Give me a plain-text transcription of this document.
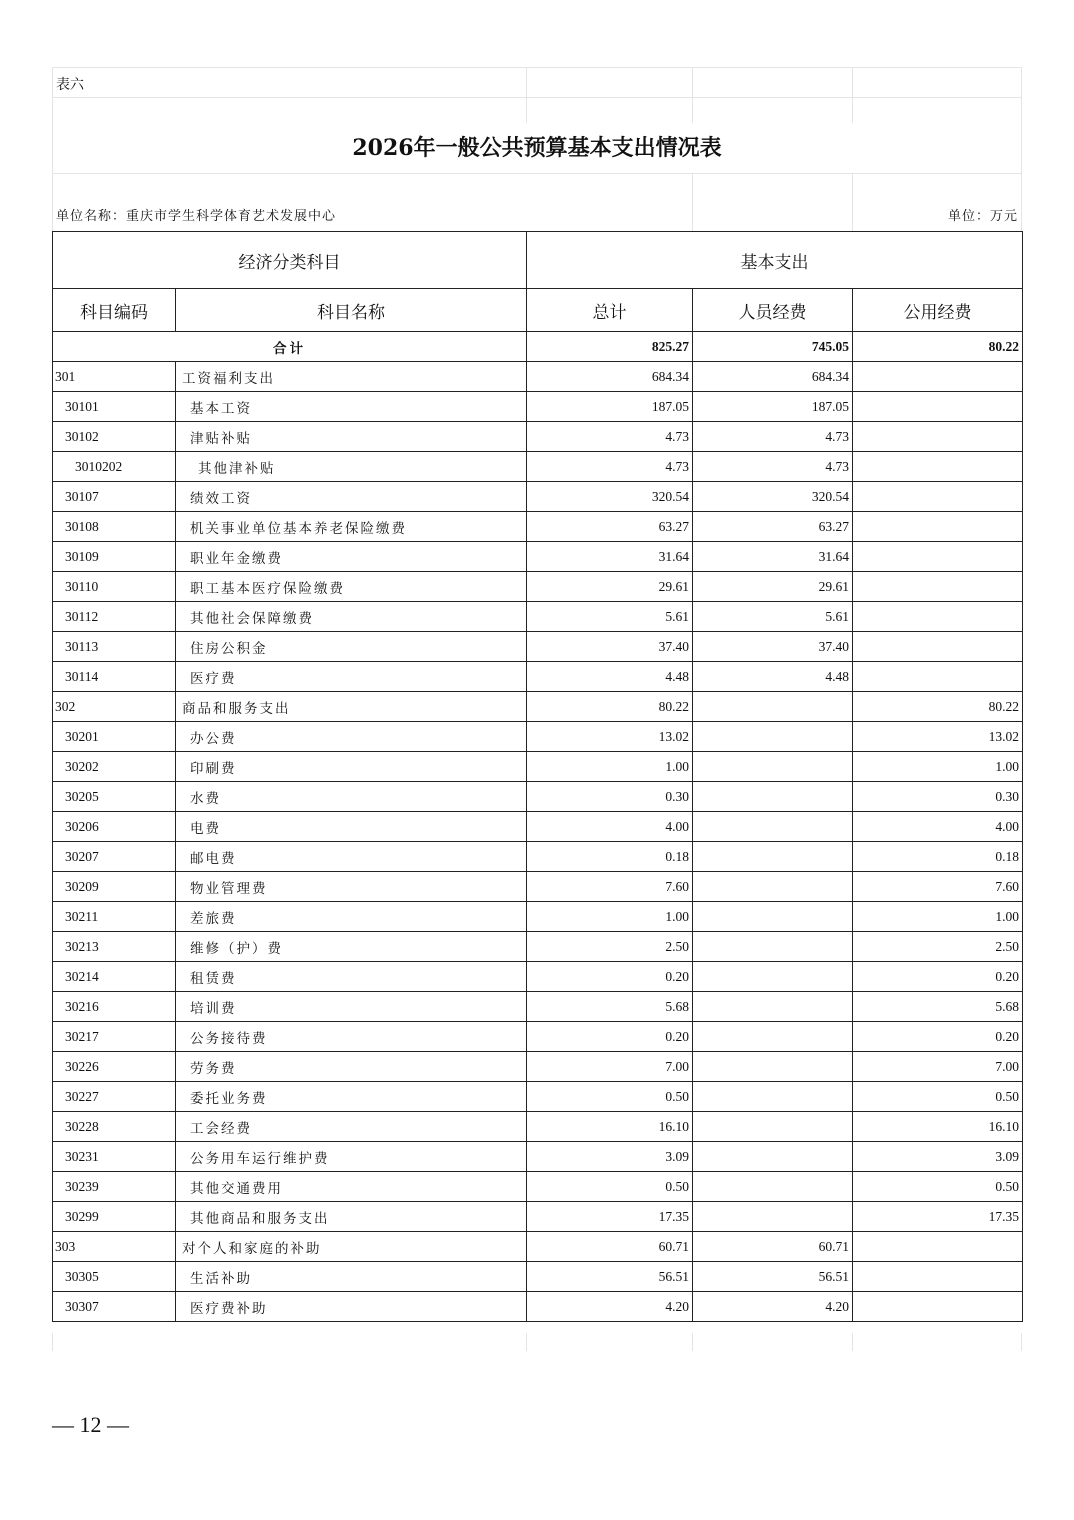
表六
2026年一般公共预算基本支出情况表
单位名称：重庆市学生科学体育艺术发展中心	单位：万元
经济分类科目		基本支出		
科目编码	科目名称	总计	人员经费	公用经费
合计		825.27	745.05	80.22
301	工资福利支出	684.34	684.34	
30101	基本工资	187.05	187.05	
30102	津贴补贴	4.73	4.73	
3010202	其他津补贴	4.73	4.73	
30107	绩效工资	320.54	320.54	
30108	机关事业单位基本养老保险缴费	63.27	63.27	
30109	职业年金缴费	31.64	31.64	
30110	职工基本医疗保险缴费	29.61	29.61	
30112	其他社会保障缴费	5.61	5.61	
30113	住房公积金	37.40	37.40	
30114	医疗费	4.48	4.48	
302	商品和服务支出	80.22		80.22
30201	办公费	13.02		13.02
30202	印刷费	1.00		1.00
30205	水费	0.30		0.30
30206	电费	4.00		4.00
30207	邮电费	0.18		0.18
30209	物业管理费	7.60		7.60
30211	差旅费	1.00		1.00
30213	维修（护）费	2.50		2.50
30214	租赁费	0.20		0.20
30216	培训费	5.68		5.68
30217	公务接待费	0.20		0.20
30226	劳务费	7.00		7.00
30227	委托业务费	0.50		0.50
30228	工会经费	16.10		16.10
30231	公务用车运行维护费	3.09		3.09
30239	其他交通费用	0.50		0.50
30299	其他商品和服务支出	17.35		17.35
303	对个人和家庭的补助	60.71	60.71	
30305	生活补助	56.51	56.51	
30307	医疗费补助	4.20	4.20	
— 12 —
